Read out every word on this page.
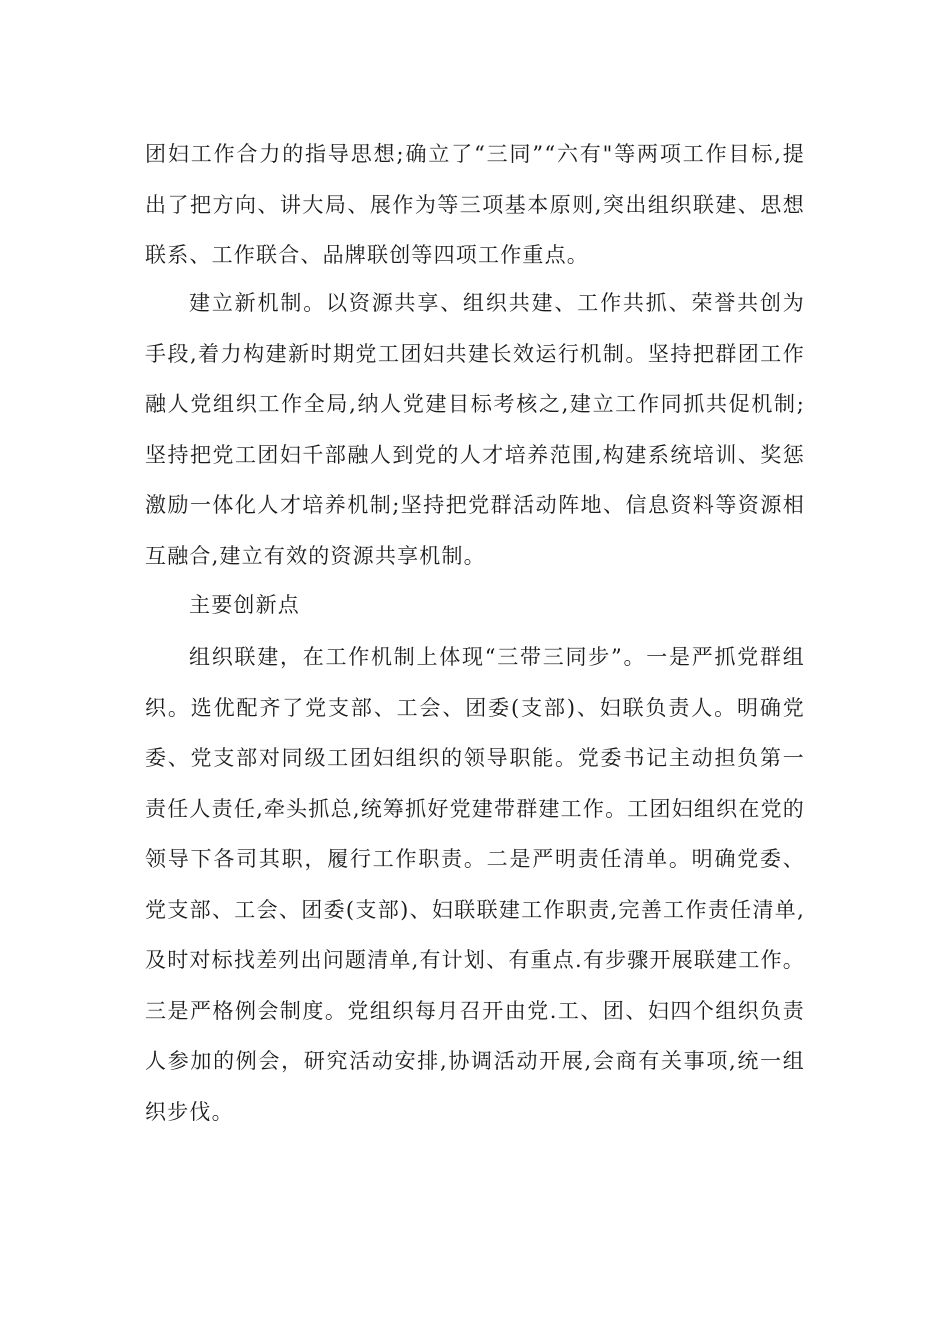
团妇工作合力的指导思想;确立了“三同”“六有"等两项工作目标,提出了把方向、讲大局、展作为等三项基本原则,突出组织联建、思想联系、工作联合、品牌联创等四项工作重点。

建立新机制。以资源共享、组织共建、工作共抓、荣誉共创为手段,着力构建新时期党工团妇共建长效运行机制。坚持把群团工作融人党组织工作全局,纳人党建目标考核之,建立工作同抓共促机制;坚持把党工团妇千部融人到党的人才培养范围,构建系统培训、奖惩激励一体化人才培养机制;坚持把党群活动阵地、信息资料等资源相互融合,建立有效的资源共享机制。

主要创新点

组织联建，在工作机制上体现“三带三同步”。一是严抓党群组织。选优配齐了党支部、工会、团委(支部)、妇联负责人。明确党委、党支部对同级工团妇组织的领导职能。党委书记主动担负第一责任人责任,牵头抓总,统筹抓好党建带群建工作。工团妇组织在党的领导下各司其职，履行工作职责。二是严明责任清单。明确党委、党支部、工会、团委(支部)、妇联联建工作职责,完善工作责任清单,及时对标找差列出问题清单,有计划、有重点.有步骤开展联建工作。三是严格例会制度。党组织每月召开由党.工、团、妇四个组织负责人参加的例会，研究活动安排,协调活动开展,会商有关事项,统一组织步伐。
